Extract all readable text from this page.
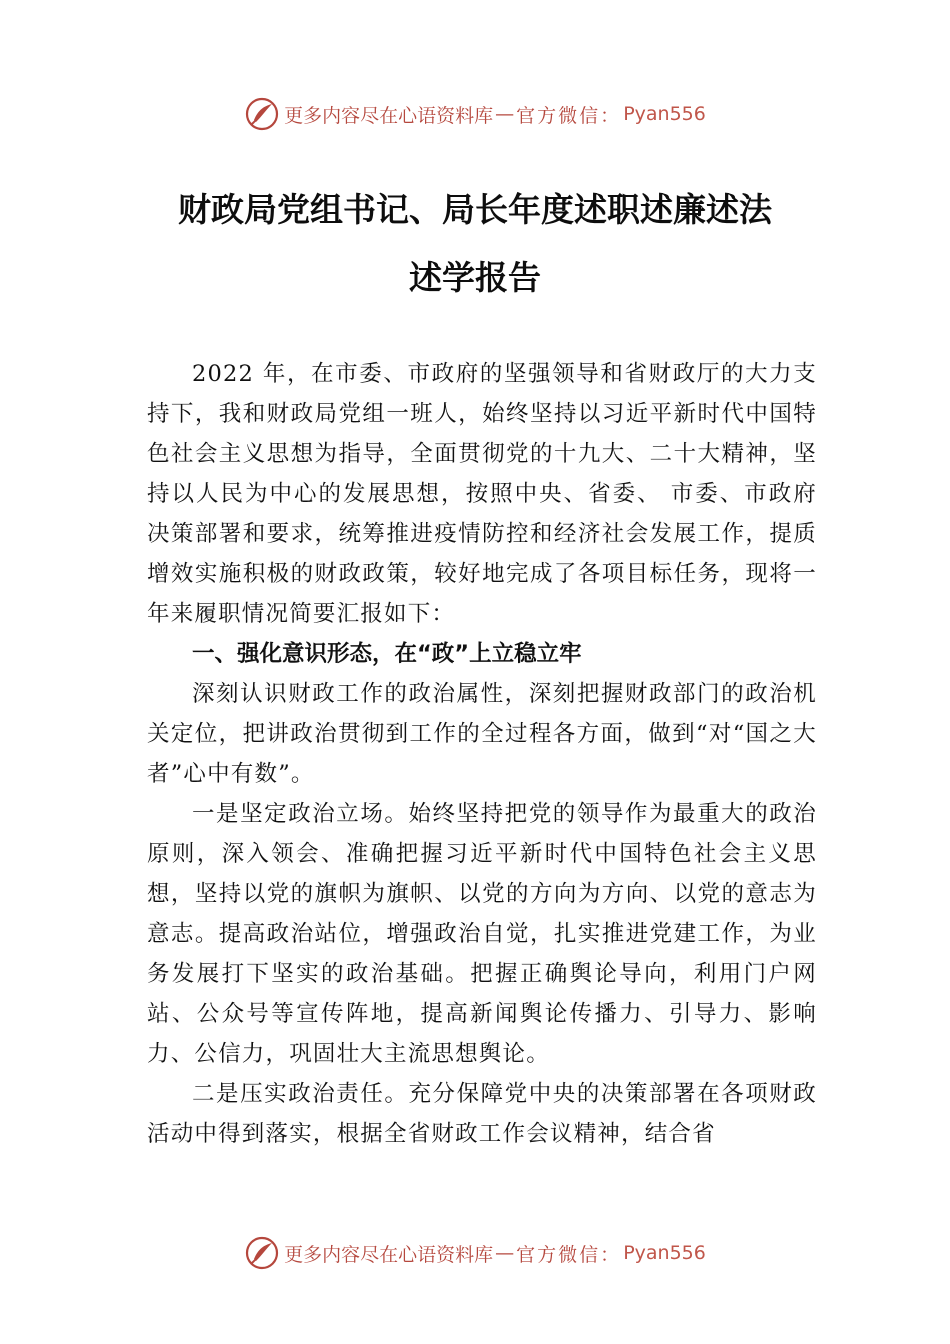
更多内容尽在心语资料库 — 官方微信： Pyan556
财政局党组书记、局长年度述职述廉述法
述学报告

2022 年，在市委、市政府的坚强领导和省财政厅的大力支持下，我和财政局党组一班人，始终坚持以习近平新时代中国特色社会主义思想为指导，全面贯彻党的十九大、二十大精神，坚持以人民为中心的发展思想，按照中央、省委、 市委、市政府决策部署和要求，统筹推进疫情防控和经济社会发展工作，提质增效实施积极的财政政策，较好地完成了各项目标任务，现将一年来履职情况简要汇报如下：

一、强化意识形态，在“政”上立稳立牢

深刻认识财政工作的政治属性，深刻把握财政部门的政治机关定位，把讲政治贯彻到工作的全过程各方面，做到“对“国之大者”心中有数”。

一是坚定政治立场。始终坚持把党的领导作为最重大的政治原则，深入领会、准确把握习近平新时代中国特色社会主义思想，坚持以党的旗帜为旗帜、以党的方向为方向、以党的意志为意志。提高政治站位，增强政治自觉，扎实推进党建工作，为业务发展打下坚实的政治基础。把握正确舆论导向，利用门户网站、公众号等宣传阵地，提高新闻舆论传播力、引导力、影响力、公信力，巩固壮大主流思想舆论。

二是压实政治责任。充分保障党中央的决策部署在各项财政活动中得到落实，根据全省财政工作会议精神，结合省

更多内容尽在心语资料库 — 官方微信： Pyan556
